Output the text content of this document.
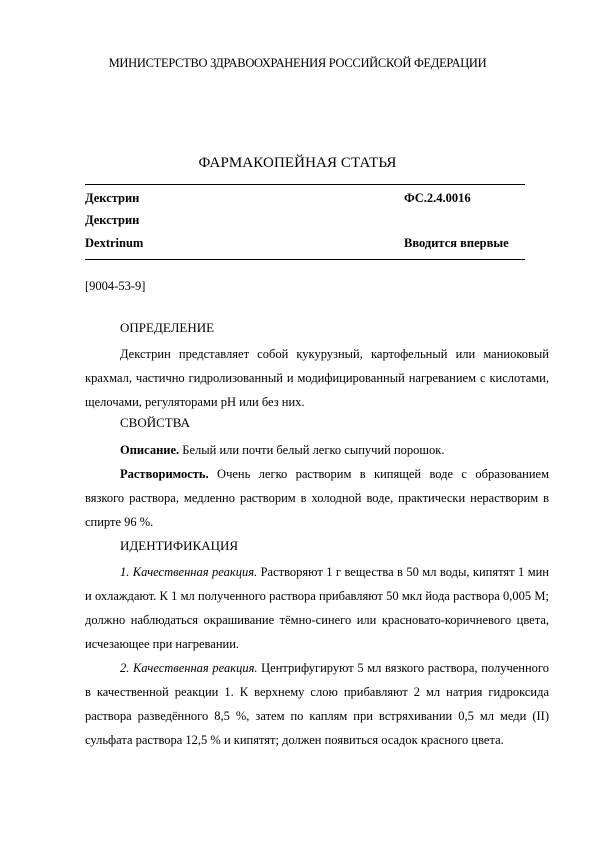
МИНИСТЕРСТВО ЗДРАВООХРАНЕНИЯ РОССИЙСКОЙ ФЕДЕРАЦИИ
ФАРМАКОПЕЙНАЯ СТАТЬЯ
Декстрин	ФС.2.4.0016
Декстрин
Dextrinum	Вводится впервые
[9004-53-9]
ОПРЕДЕЛЕНИЕ

Декстрин представляет собой кукурузный, картофельный или маниоковый крахмал, частично гидролизованный и модифицированный нагреванием с кислотами, щелочами, регуляторами pH или без них.

СВОЙСТВА

Описание. Белый или почти белый легко сыпучий порошок.

Растворимость. Очень легко растворим в кипящей воде с образованием вязкого раствора, медленно растворим в холодной воде, практически нерастворим в спирте 96 %.

ИДЕНТИФИКАЦИЯ

1. Качественная реакция. Растворяют 1 г вещества в 50 мл воды, кипятят 1 мин и охлаждают. К 1 мл полученного раствора прибавляют 50 мкл йода раствора 0,005 М; должно наблюдаться окрашивание тёмно-синего или красновато-коричневого цвета, исчезающее при нагревании.

2. Качественная реакция. Центрифугируют 5 мл вязкого раствора, полученного в качественной реакции 1. К верхнему слою прибавляют 2 мл натрия гидроксида раствора разведённого 8,5 %, затем по каплям при встряхивании 0,5 мл меди (II) сульфата раствора 12,5 % и кипятят; должен появиться осадок красного цвета.
